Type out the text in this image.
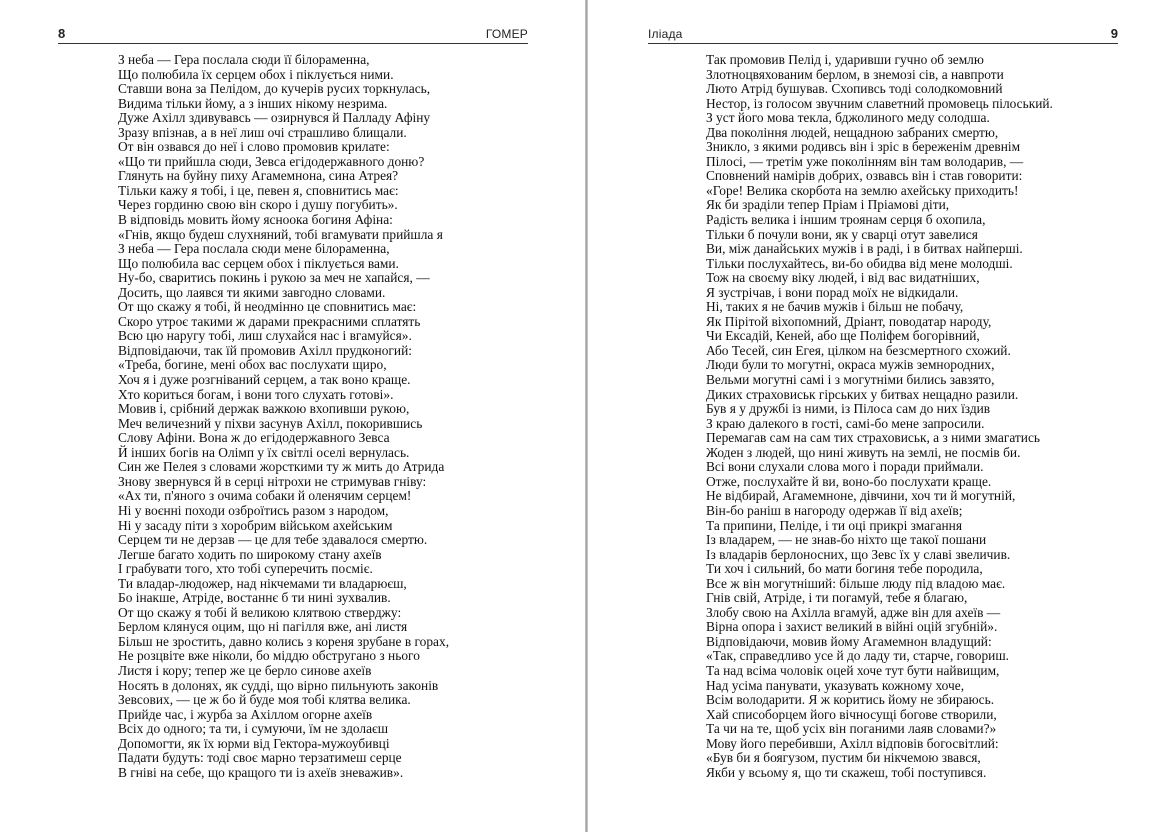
8	ГОМЕР
З неба — Гера послала сюди її білораменна,
Що полюбила їх серцем обох і піклується ними.
Ставши вона за Пелідом, до кучерів русих торкнулась,
Видима тільки йому, а з інших нікому незрима.
Дуже Ахілл здивувавсь — озирнувся й Палладу Афіну
Зразу впізнав, а в неї лиш очі страшливо блищали.
От він озвався до неї і слово промовив крилате:
«Що ти прийшла сюди, Зевса егідодержавного доню?
Глянуть на буйну пиху Агамемнона, сина Атрея?
Тільки кажу я тобі, і це, певен я, сповнитись має:
Через гординю свою він скоро і душу погубить».
В відповідь мовить йому ясноока богиня Афіна:
«Гнів, якщо будеш слухняний, тобі вгамувати прийшла я
З неба — Гера послала сюди мене білораменна,
Що полюбила вас серцем обох і піклується вами.
Ну-бо, сваритись покинь і рукою за меч не хапайся, —
Досить, що лаявся ти якими завгодно словами.
От що скажу я тобі, й неодмінно це сповнитись має:
Скоро утроє такими ж дарами прекрасними сплатять
Всю цю наругу тобі, лиш слухайся нас і вгамуйся».
Відповідаючи, так їй промовив Ахілл прудконогий:
«Треба, богине, мені обох вас послухати щиро,
Хоч я і дуже розгніваний серцем, а так воно краще.
Хто кориться богам, і вони того слухать готові».
Мовив і, срібний держак важкою вхопивши рукою,
Меч величезний у піхви засунув Ахілл, покорившись
Слову Афіни. Вона ж до егідодержавного Зевса
Й інших богів на Олімп у їх світлі оселі вернулась.
Син же Пелея з словами жорсткими ту ж мить до Атрида
Знову звернувся й в серці нітрохи не стримував гніву:
«Ах ти, п'яного з очима собаки й оленячим серцем!
Ні у воєнні походи озброїтись разом з народом,
Ні у засаду піти з хоробрим військом ахейським
Серцем ти не дерзав — це для тебе здавалося смертю.
Легше багато ходить по широкому стану ахеїв
І грабувати того, хто тобі суперечить посміє.
Ти владар-людожер, над нікчемами ти владарюєш,
Бо інакше, Атріде, востаннє б ти нині зухвалив.
От що скажу я тобі й великою клятвою стверджу:
Берлом клянуся оцим, що ні пагілля вже, ані листя
Більш не зростить, давно колись з кореня зрубане в горах,
Не розцвіте вже ніколи, бо міддю обстругано з нього
Листя і кору; тепер же це берло синове ахеїв
Носять в долонях, як судді, що вірно пильнують законів
Зевсових, — це ж бо й буде моя тобі клятва велика.
Прийде час, і журба за Ахіллом огорне ахеїв
Всіх до одного; та ти, і сумуючи, їм не здолаєш
Допомогти, як їх юрми від Гектора-мужоубивці
Падати будуть: тоді своє марно терзатимеш серце
В гніві на себе, що кращого ти із ахеїв зневажив».
Іліада	9
Так промовив Пелід і, ударивши гучно об землю
Злотноцвяхованим берлом, в знемозі сів, а навпроти
Люто Атрід бушував. Схопивсь тоді солодкомовний
Нестор, із голосом звучним славетний промовець пілоський.
З уст його мова текла, бджолиного меду солодша.
Два покоління людей, нещадною забраних смертю,
Зникло, з якими родивсь він і зріс в береженім древнім
Пілосі, — третім уже поколінням він там володарив, —
Сповнений намірів добрих, озвавсь він і став говорити:
«Горе! Велика скорбота на землю ахейську приходить!
Як би зраділи тепер Пріам і Пріамові діти,
Радість велика і іншим троянам серця б охопила,
Тільки б почули вони, як у сварці отут завелися
Ви, між данайських мужів і в раді, і в битвах найперші.
Тільки послухайтесь, ви-бо обидва від мене молодші.
Тож на своєму віку людей, і від вас видатніших,
Я зустрічав, і вони порад моїх не відкидали.
Ні, таких я не бачив мужів і більш не побачу,
Як Пірітой віхопомний, Дріант, поводатар народу,
Чи Ексадій, Кеней, або ще Поліфем богорівний,
Або Тесей, син Егея, цілком на безсмертного схожий.
Люди були то могутні, окраса мужів земнородних,
Вельми могутні самі і з могутніми бились завзято,
Диких страховиськ гірських у битвах нещадно разили.
Був я у дружбі із ними, із Пілоса сам до них їздив
З краю далекого в гості, самі-бо мене запросили.
Перемагав сам на сам тих страховиськ, а з ними змагатись
Жоден з людей, що нині живуть на землі, не посмів би.
Всі вони слухали слова мого і поради приймали.
Отже, послухайте й ви, воно-бо послухати краще.
Не відбирай, Агамемноне, дівчини, хоч ти й могутній,
Він-бо раніш в нагороду одержав її від ахеїв;
Та припини, Пеліде, і ти оці прикрі змагання
Із владарем, — не знав-бо ніхто ще такої пошани
Із владарів берлоносних, що Зевс їх у славі звеличив.
Ти хоч і сильний, бо мати богиня тебе породила,
Все ж він могутніший: більше люду під владою має.
Гнів свій, Атріде, і ти погамуй, тебе я благаю,
Злобу свою на Ахілла вгамуй, адже він для ахеїв —
Вірна опора і захист великий в війні оцій згубній».
Відповідаючи, мовив йому Агамемнон владущий:
«Так, справедливо усе й до ладу ти, старче, говориш.
Та над всіма чоловік оцей хоче тут бути найвищим,
Над усіма панувати, указувать кожному хоче,
Всім володарити. Я ж коритись йому не збираюсь.
Хай списоборцем його вічносущі богове створили,
Та чи на те, щоб усіх він поганими лаяв словами?»
Мову його перебивши, Ахілл відповів богосвітлий:
«Був би я боягузом, пустим би нікчемою звався,
Якби у всьому я, що ти скажеш, тобі поступився.
